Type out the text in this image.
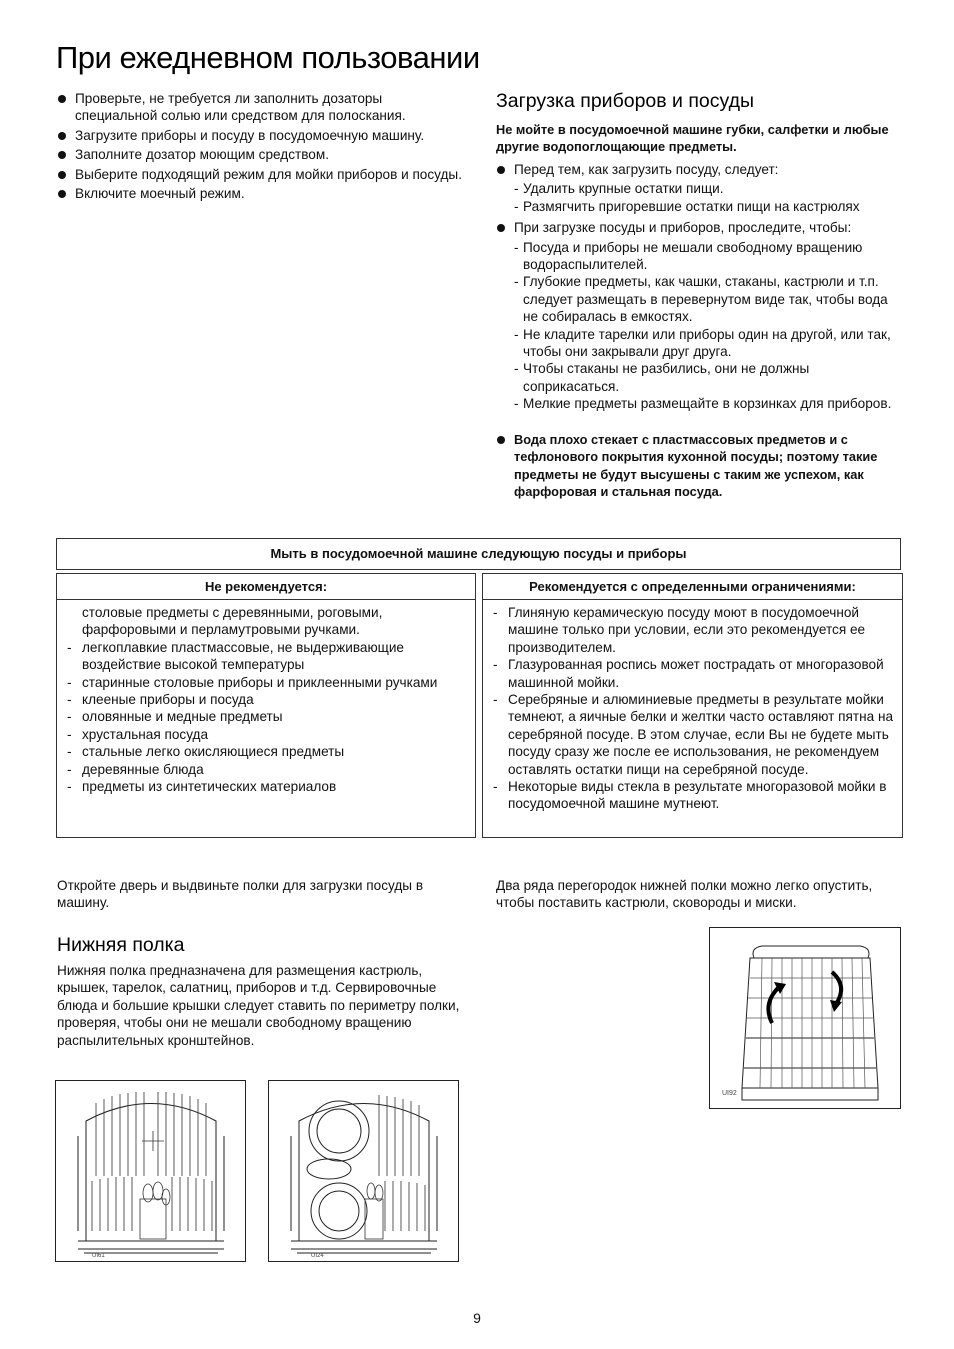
При ежедневном пользовании
Проверьте, не требуется ли заполнить дозаторы специальной солью или средством для полоскания.
Загрузите приборы и посуду в посудомоечную машину.
Заполните дозатор моющим средством.
Выберите подходящий режим для мойки приборов и посуды.
Включите моечный режим.
Загрузка приборов и посуды
Не мойте в посудомоечной машине губки, салфетки и любые другие водопоглощающие предметы.
Перед тем, как загрузить посуду, следует:
- Удалить крупные остатки пищи.
- Размягчить пригоревшие остатки пищи на кастрюлях
При загрузке посуды и приборов, проследите, чтобы:
- Посуда и приборы не мешали свободному вращению водораспылителей.
- Глубокие предметы, как чашки, стаканы, кастрюли и т.п. следует размещать в перевернутом виде так, чтобы вода не собиралась в емкостях.
- Не кладите тарелки или приборы один на другой, или так, чтобы они закрывали друг друга.
- Чтобы стаканы не разбились, они не должны соприкасаться.
- Мелкие предметы размещайте в корзинках для приборов.
Вода плохо стекает с пластмассовых предметов и с тефлонового покрытия кухонной посуды; поэтому такие предметы не будут высушены с таким же успехом, как фарфоровая и стальная посуда.
Мыть в посудомоечной машине следующую посуды и приборы
Не рекомендуется:
столовые предметы с деревянными, роговыми, фарфоровыми и перламутровыми ручками.
- легкоплавкие пластмассовые, не выдерживающие воздействие высокой температуры
- старинные столовые приборы и приклеенными ручками
- клееные приборы и посуда
- оловянные и медные предметы
- хрустальная посуда
- стальные легко окисляющиеся предметы
- деревянные блюда
- предметы из синтетических материалов
Рекомендуется с определенными ограничениями:
- Глиняную керамическую посуду моют в посудомоечной машине только при условии, если это рекомендуется ее производителем.
- Глазурованная роспись может пострадать от многоразовой машинной мойки.
- Серебряные и алюминиевые предметы в результате мойки темнеют, а яичные белки и желтки часто оставляют пятна на серебряной посуде. В этом случае, если Вы не будете мыть посуду сразу же после ее использования, не рекомендуем оставлять остатки пищи на серебряной посуде.
- Некоторые виды стекла в результате многоразовой мойки в посудомоечной машине мутнеют.
Откройте дверь и выдвиньте полки для загрузки посуды в машину.
Два ряда перегородок нижней полки можно легко опустить, чтобы поставить кастрюли, сковороды и миски.
Нижняя полка
Нижняя полка предназначена для размещения кастрюль, крышек, тарелок, салатниц, приборов и т.д. Сервировочные блюда и большие крышки следует ставить по периметру полки, проверяя, чтобы они не мешали свободному вращению распылительных кронштейнов.
UI61	UI24
UI92
9
